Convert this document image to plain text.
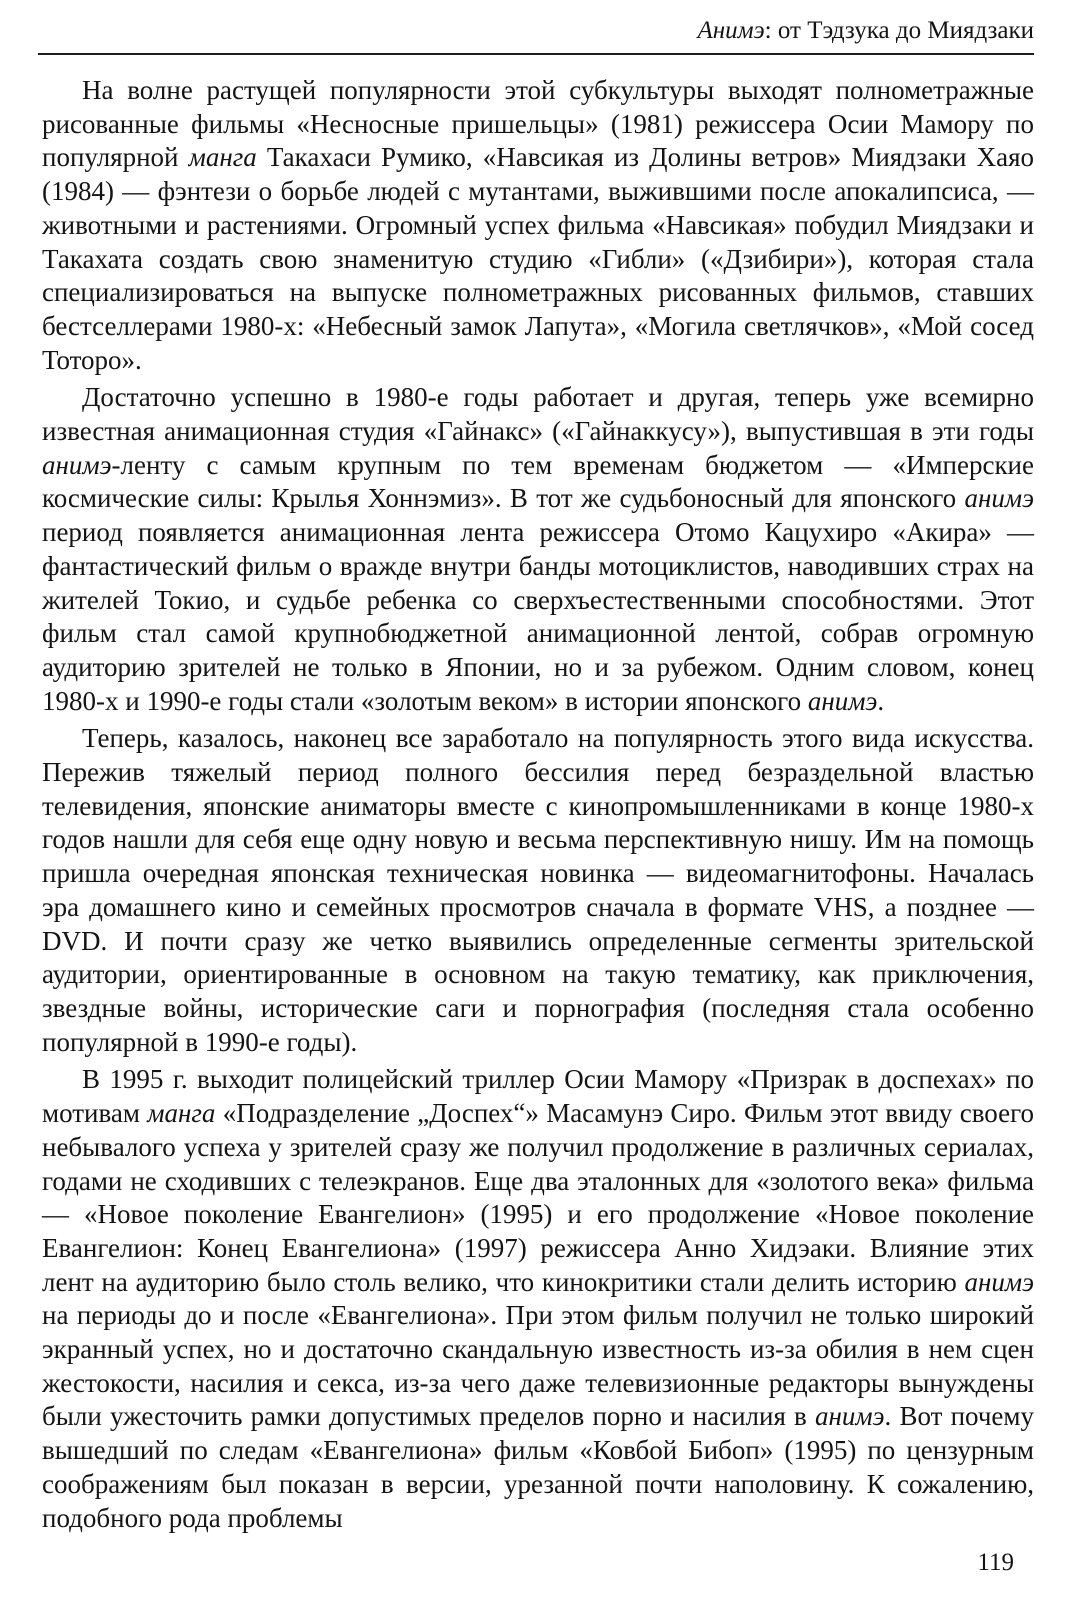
Анимэ: от Тэдзука до Миядзаки

На волне растущей популярности этой субкультуры выходят полнометражные рисованные фильмы «Несносные пришельцы» (1981) режиссера Осии Мамору по популярной манга Такахаси Румико, «Навсикая из Долины ветров» Миядзаки Хаяо (1984) — фэнтези о борьбе людей с мутантами, выжившими после апокалипсиса, — животными и растениями. Огромный успех фильма «Навсикая» побудил Миядзаки и Такахата создать свою знаменитую студию «Гибли» («Дзибири»), которая стала специализироваться на выпуске полнометражных рисованных фильмов, ставших бестселлерами 1980-х: «Небесный замок Лапута», «Могила светлячков», «Мой сосед Тоторо».

Достаточно успешно в 1980-е годы работает и другая, теперь уже всемирно известная анимационная студия «Гайнакс» («Гайнаккусу»), выпустившая в эти годы анимэ-ленту с самым крупным по тем временам бюджетом — «Имперские космические силы: Крылья Хоннэмиз». В тот же судьбоносный для японского анимэ период появляется анимационная лента режиссера Отомо Кацухиро «Акира» — фантастический фильм о вражде внутри банды мотоциклистов, наводивших страх на жителей Токио, и судьбе ребенка со сверхъестественными способностями. Этот фильм стал самой крупнобюджетной анимационной лентой, собрав огромную аудиторию зрителей не только в Японии, но и за рубежом. Одним словом, конец 1980-х и 1990-е годы стали «золотым веком» в истории японского анимэ.

Теперь, казалось, наконец все заработало на популярность этого вида искусства. Пережив тяжелый период полного бессилия перед безраздельной властью телевидения, японские аниматоры вместе с кинопромышленниками в конце 1980-х годов нашли для себя еще одну новую и весьма перспективную нишу. Им на помощь пришла очередная японская техническая новинка — видеомагнитофоны. Началась эра домашнего кино и семейных просмотров сначала в формате VHS, а позднее — DVD. И почти сразу же четко выявились определенные сегменты зрительской аудитории, ориентированные в основном на такую тематику, как приключения, звездные войны, исторические саги и порнография (последняя стала особенно популярной в 1990-е годы).

В 1995 г. выходит полицейский триллер Осии Мамору «Призрак в доспехах» по мотивам манга «Подразделение „Доспех“» Масамунэ Сиро. Фильм этот ввиду своего небывалого успеха у зрителей сразу же получил продолжение в различных сериалах, годами не сходивших с телеэкранов. Еще два эталонных для «золотого века» фильма — «Новое поколение Евангелион» (1995) и его продолжение «Новое поколение Евангелион: Конец Евангелиона» (1997) режиссера Анно Хидэаки. Влияние этих лент на аудиторию было столь велико, что кинокритики стали делить историю анимэ на периоды до и после «Евангелиона». При этом фильм получил не только широкий экранный успех, но и достаточно скандальную известность из-за обилия в нем сцен жестокости, насилия и секса, из-за чего даже телевизионные редакторы вынуждены были ужесточить рамки допустимых пределов порно и насилия в анимэ. Вот почему вышедший по следам «Евангелиона» фильм «Ковбой Бибоп» (1995) по цензурным соображениям был показан в версии, урезанной почти наполовину. К сожалению, подобного рода проблемы

119
